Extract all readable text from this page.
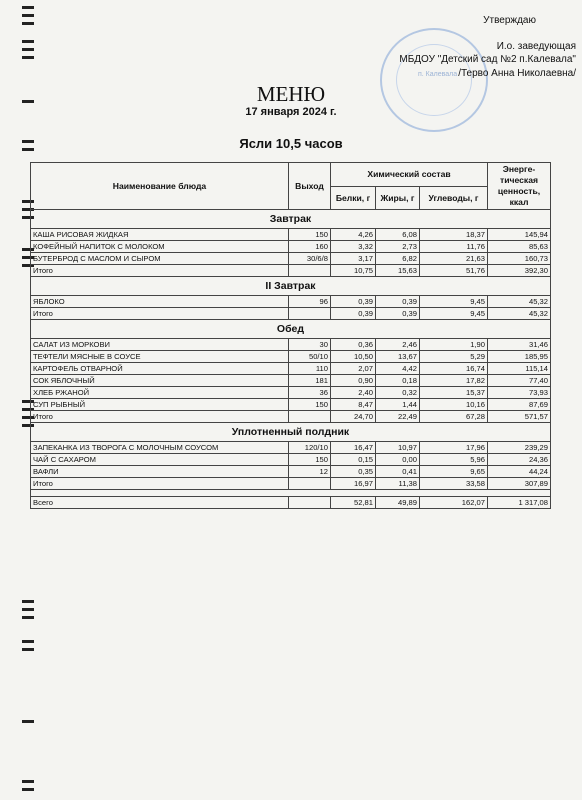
п. Калевала
Утверждаю
И.о. заведующая
МБДОУ "Детский сад №2 п.Калевала"
/Терво Анна Николаевна/
МЕНЮ
17 января 2024 г.
Ясли 10,5 часов
Наименование блюда	Выход	Химический состав			Энерге-тическая ценность, ккал
		Белки, г	Жиры, г	Углеводы, г	
Завтрак					
КАША РИСОВАЯ ЖИДКАЯ	150	4,26	6,08	18,37	145,94
КОФЕЙНЫЙ НАПИТОК С МОЛОКОМ	160	3,32	2,73	11,76	85,63
БУТЕРБРОД С МАСЛОМ И СЫРОМ	30/6/8	3,17	6,82	21,63	160,73
Итого		10,75	15,63	51,76	392,30
II Завтрак					
ЯБЛОКО	96	0,39	0,39	9,45	45,32
Итого		0,39	0,39	9,45	45,32
Обед					
САЛАТ ИЗ МОРКОВИ	30	0,36	2,46	1,90	31,46
ТЕФТЕЛИ МЯСНЫЕ В СОУСЕ	50/10	10,50	13,67	5,29	185,95
КАРТОФЕЛЬ ОТВАРНОЙ	110	2,07	4,42	16,74	115,14
СОК ЯБЛОЧНЫЙ	181	0,90	0,18	17,82	77,40
ХЛЕБ РЖАНОЙ	36	2,40	0,32	15,37	73,93
СУП РЫБНЫЙ	150	8,47	1,44	10,16	87,69
Итого		24,70	22,49	67,28	571,57
Уплотненный полдник					
ЗАПЕКАНКА ИЗ ТВОРОГА С МОЛОЧНЫМ СОУСОМ	120/10	16,47	10,97	17,96	239,29
ЧАЙ С САХАРОМ	150	0,15	0,00	5,96	24,36
ВАФЛИ	12	0,35	0,41	9,65	44,24
Итого		16,97	11,38	33,58	307,89

Всего		52,81	49,89	162,07	1 317,08
